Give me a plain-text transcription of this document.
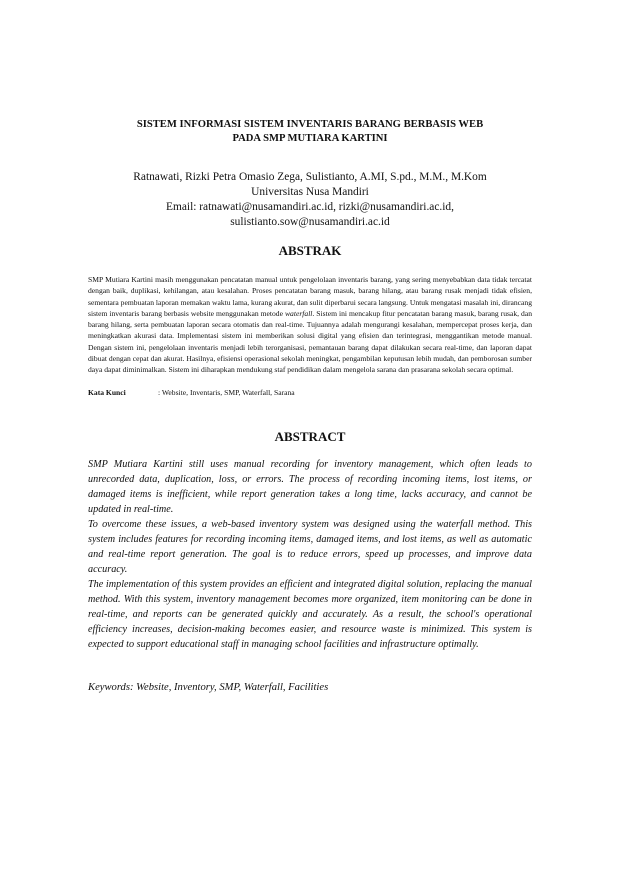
SISTEM INFORMASI SISTEM INVENTARIS BARANG BERBASIS WEB
PADA SMP MUTIARA KARTINI
Ratnawati, Rizki Petra Omasio Zega, Sulistianto, A.MI, S.pd., M.M., M.Kom
Universitas Nusa Mandiri
Email: ratnawati@nusamandiri.ac.id, rizki@nusamandiri.ac.id,
sulistianto.sow@nusamandiri.ac.id
ABSTRAK
SMP Mutiara Kartini masih menggunakan pencatatan manual untuk pengelolaan inventaris barang, yang sering menyebabkan data tidak tercatat dengan baik, duplikasi, kehilangan, atau kesalahan. Proses pencatatan barang masuk, barang hilang, atau barang rusak menjadi tidak efisien, sementara pembuatan laporan memakan waktu lama, kurang akurat, dan sulit diperbarui secara langsung. Untuk mengatasi masalah ini, dirancang sistem inventaris barang berbasis website menggunakan metode waterfall. Sistem ini mencakup fitur pencatatan barang masuk, barang rusak, dan barang hilang, serta pembuatan laporan secara otomatis dan real-time. Tujuannya adalah mengurangi kesalahan, mempercepat proses kerja, dan meningkatkan akurasi data. Implementasi sistem ini memberikan solusi digital yang efisien dan terintegrasi, menggantikan metode manual. Dengan sistem ini, pengelolaan inventaris menjadi lebih terorganisasi, pemantauan barang dapat dilakukan secara real-time, dan laporan dapat dibuat dengan cepat dan akurat. Hasilnya, efisiensi operasional sekolah meningkat, pengambilan keputusan lebih mudah, dan pemborosan sumber daya dapat diminimalkan. Sistem ini diharapkan mendukung staf pendidikan dalam mengelola sarana dan prasarana sekolah secara optimal.
Kata Kunci	: Website, Inventaris, SMP, Waterfall, Sarana
ABSTRACT

SMP Mutiara Kartini still uses manual recording for inventory management, which often leads to unrecorded data, duplication, loss, or errors. The process of recording incoming items, lost items, or damaged items is inefficient, while report generation takes a long time, lacks accuracy, and cannot be updated in real-time.

To overcome these issues, a web-based inventory system was designed using the waterfall method. This system includes features for recording incoming items, damaged items, and lost items, as well as automatic and real-time report generation. The goal is to reduce errors, speed up processes, and improve data accuracy.

The implementation of this system provides an efficient and integrated digital solution, replacing the manual method. With this system, inventory management becomes more organized, item monitoring can be done in real-time, and reports can be generated quickly and accurately. As a result, the school's operational efficiency increases, decision-making becomes easier, and resource waste is minimized. This system is expected to support educational staff in managing school facilities and infrastructure optimally.

Keywords: Website, Inventory, SMP, Waterfall, Facilities
